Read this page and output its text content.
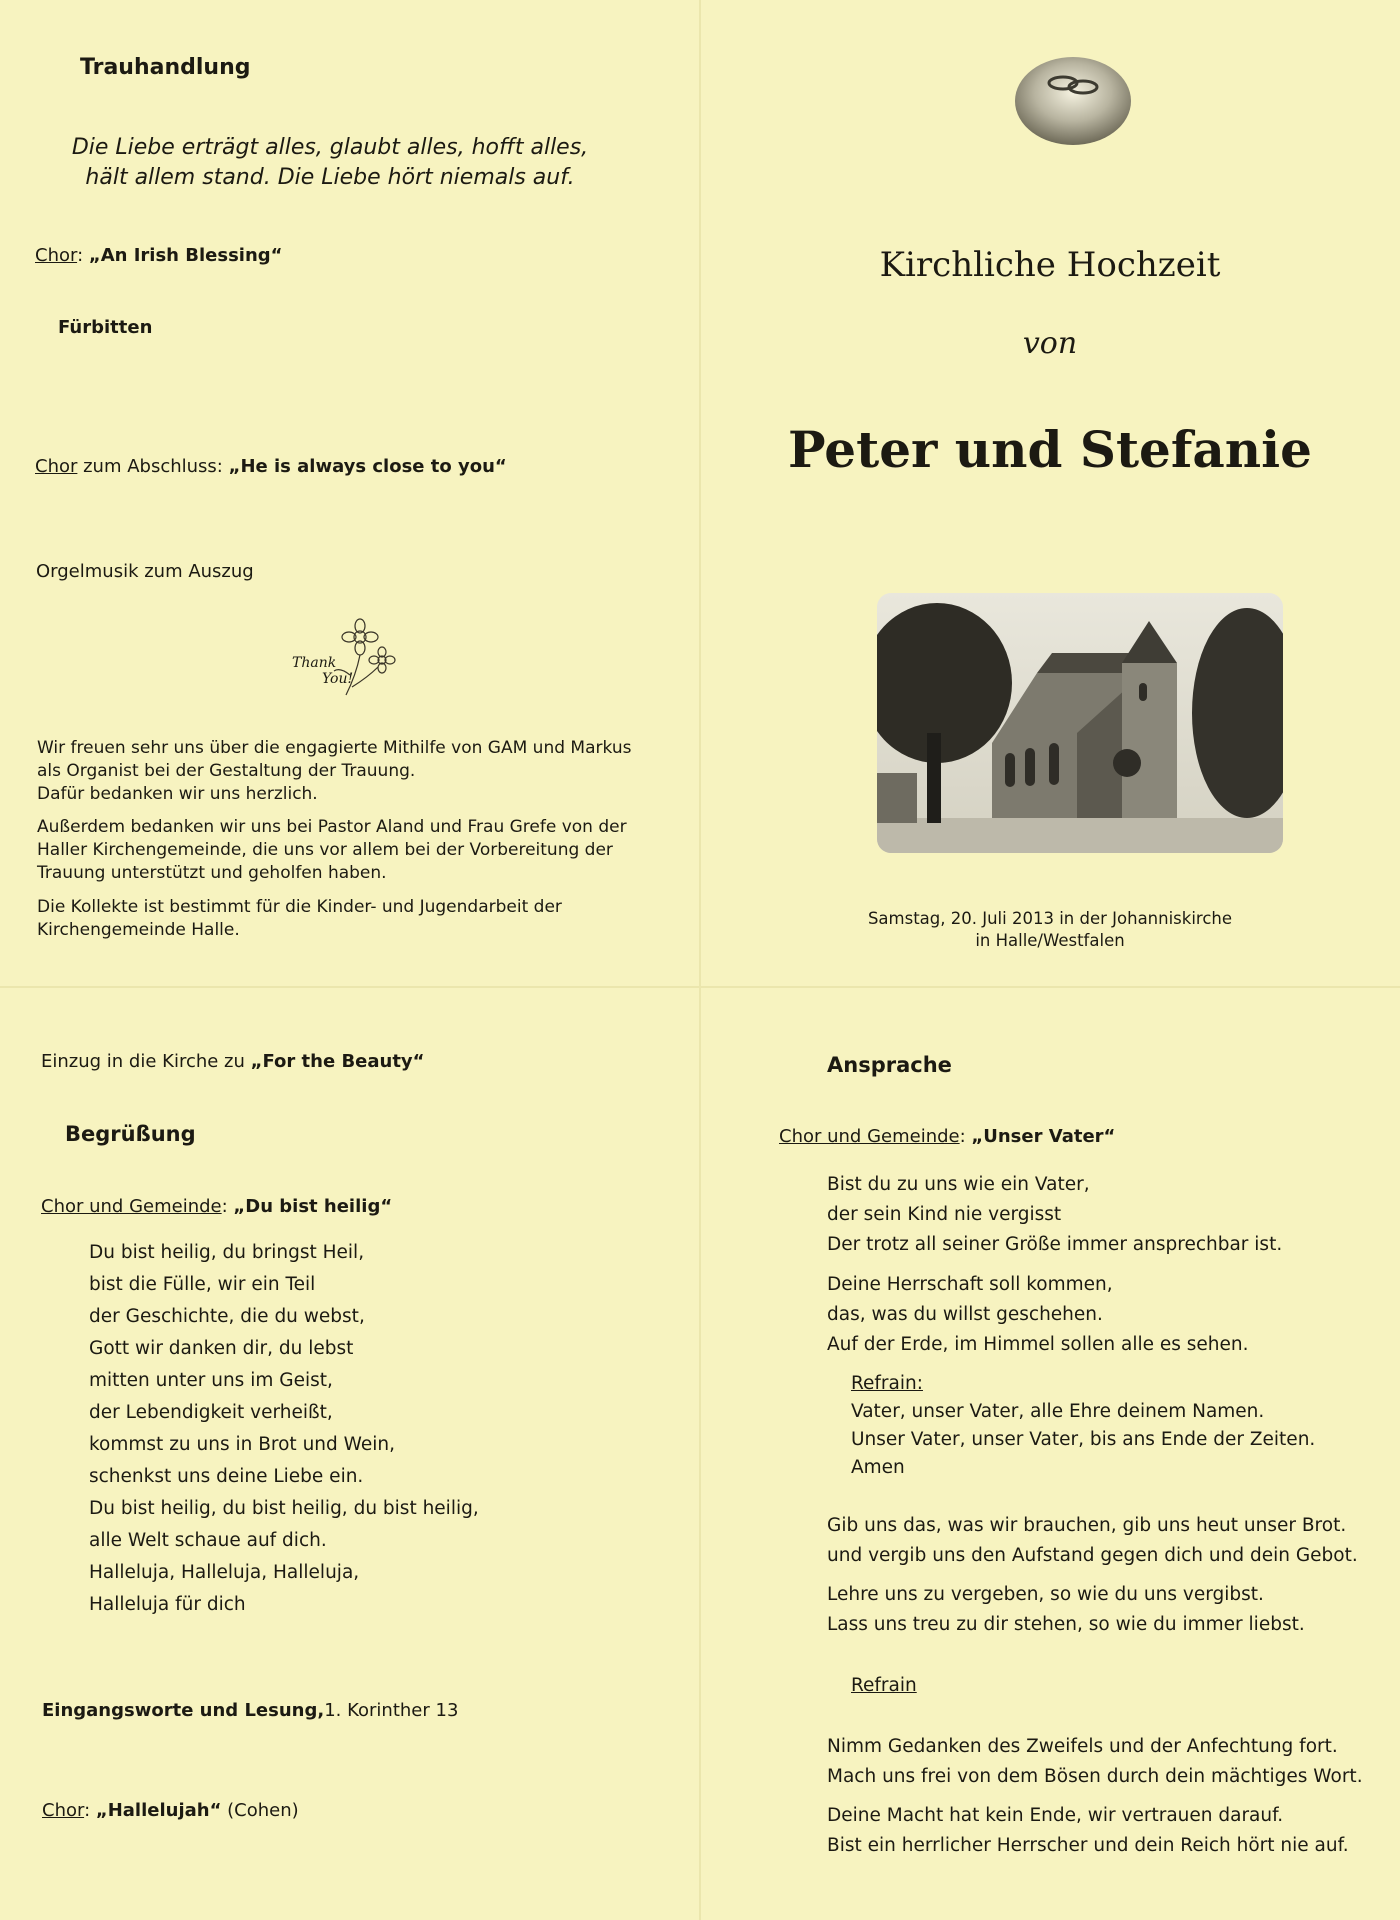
Trauhandlung
Die Liebe erträgt alles, glaubt alles, hofft alles,
hält allem stand. Die Liebe hört niemals auf.
Chor: „An Irish Blessing“
Fürbitten
Chor zum Abschluss: „He is always close to you“
Orgelmusik zum Auszug
Thank
You!
Wir freuen sehr uns über die engagierte Mithilfe von GAM und Markus
als Organist bei der Gestaltung der Trauung.
Dafür bedanken wir uns herzlich.
Außerdem bedanken wir uns bei Pastor Aland und Frau Grefe von der
Haller Kirchengemeinde, die uns vor allem bei der Vorbereitung der
Trauung unterstützt und geholfen haben.
Die Kollekte ist bestimmt für die Kinder- und Jugendarbeit der
Kirchengemeinde Halle.
Kirchliche Hochzeit
von
Peter und Stefanie
Samstag, 20. Juli 2013 in der Johanniskirche
in Halle/Westfalen
Einzug in die Kirche zu „For the Beauty“
Begrüßung
Chor und Gemeinde: „Du bist heilig“
Du bist heilig, du bringst Heil,
bist die Fülle, wir ein Teil
der Geschichte, die du webst,
Gott wir danken dir, du lebst
mitten unter uns im Geist,
der Lebendigkeit verheißt,
kommst zu uns in Brot und Wein,
schenkst uns deine Liebe ein.
Du bist heilig, du bist heilig, du bist heilig,
alle Welt schaue auf dich.
Halleluja, Halleluja, Halleluja,
Halleluja für dich
Eingangsworte und Lesung,1. Korinther 13
Chor: „Hallelujah“ (Cohen)
Ansprache
Chor und Gemeinde: „Unser Vater“
Bist du zu uns wie ein Vater,
der sein Kind nie vergisst
Der trotz all seiner Größe immer ansprechbar ist.
Deine Herrschaft soll kommen,
das, was du willst geschehen.
Auf der Erde, im Himmel sollen alle es sehen.
Refrain:
Vater, unser Vater, alle Ehre deinem Namen.
Unser Vater, unser Vater, bis ans Ende der Zeiten.
Amen
Gib uns das, was wir brauchen, gib uns heut unser Brot.
und vergib uns den Aufstand gegen dich und dein Gebot.
Lehre uns zu vergeben, so wie du uns vergibst.
Lass uns treu zu dir stehen, so wie du immer liebst.
Refrain
Nimm Gedanken des Zweifels und der Anfechtung fort.
Mach uns frei von dem Bösen durch dein mächtiges Wort.
Deine Macht hat kein Ende, wir vertrauen darauf.
Bist ein herrlicher Herrscher und dein Reich hört nie auf.
